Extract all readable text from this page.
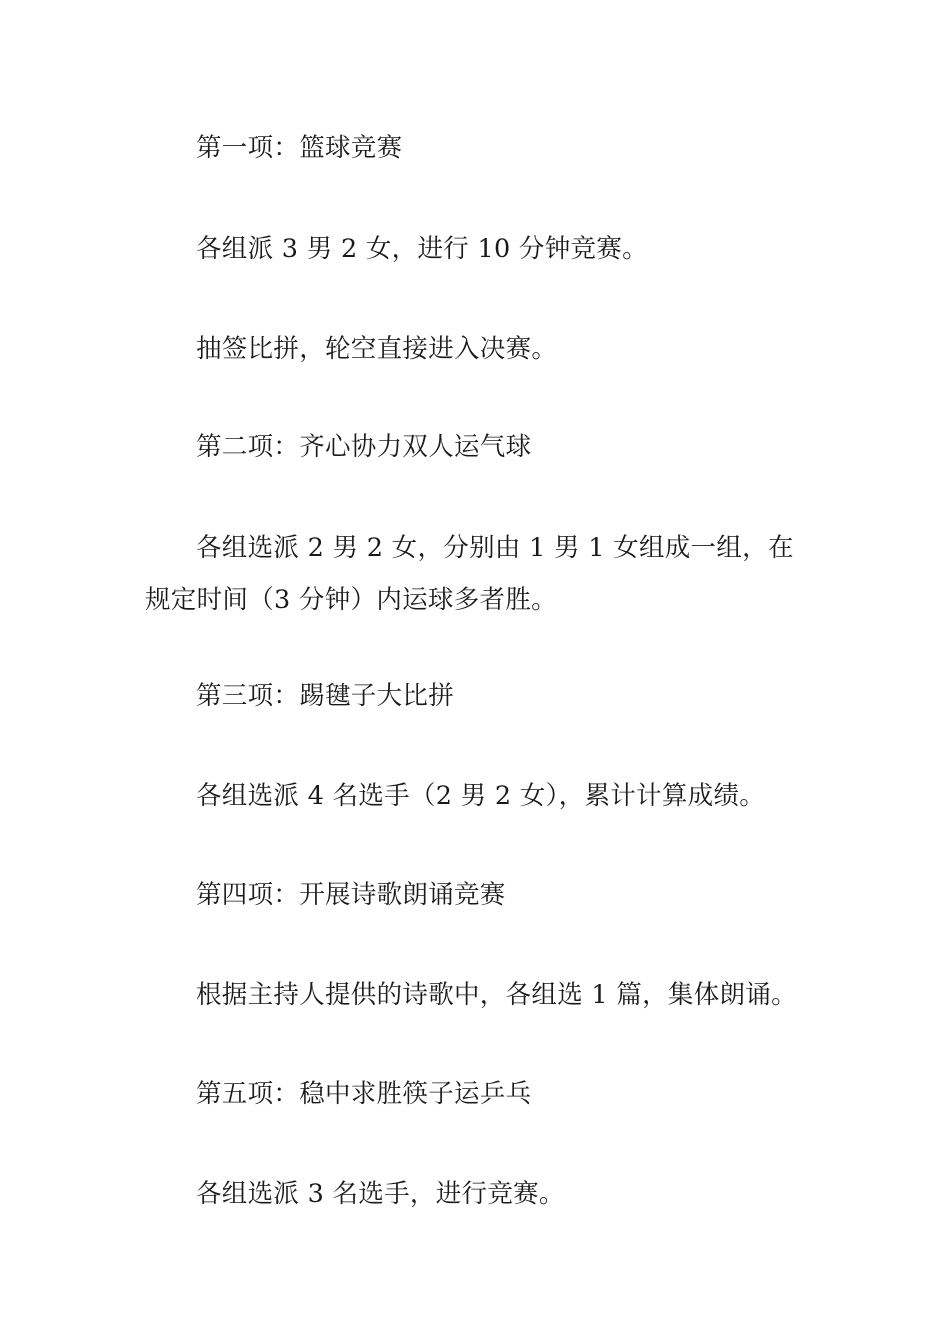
第一项：篮球竞赛
各组派 3 男 2 女，进行 10 分钟竞赛。
抽签比拼，轮空直接进入决赛。
第二项：齐心协力双人运气球
各组选派 2 男 2 女，分别由 1 男 1 女组成一组，在规定时间（3 分钟）内运球多者胜。
第三项：踢毽子大比拼
各组选派 4 名选手（2 男 2 女），累计计算成绩。
第四项：开展诗歌朗诵竞赛
根据主持人提供的诗歌中，各组选 1 篇，集体朗诵。
第五项：稳中求胜筷子运乒乓
各组选派 3 名选手，进行竞赛。
